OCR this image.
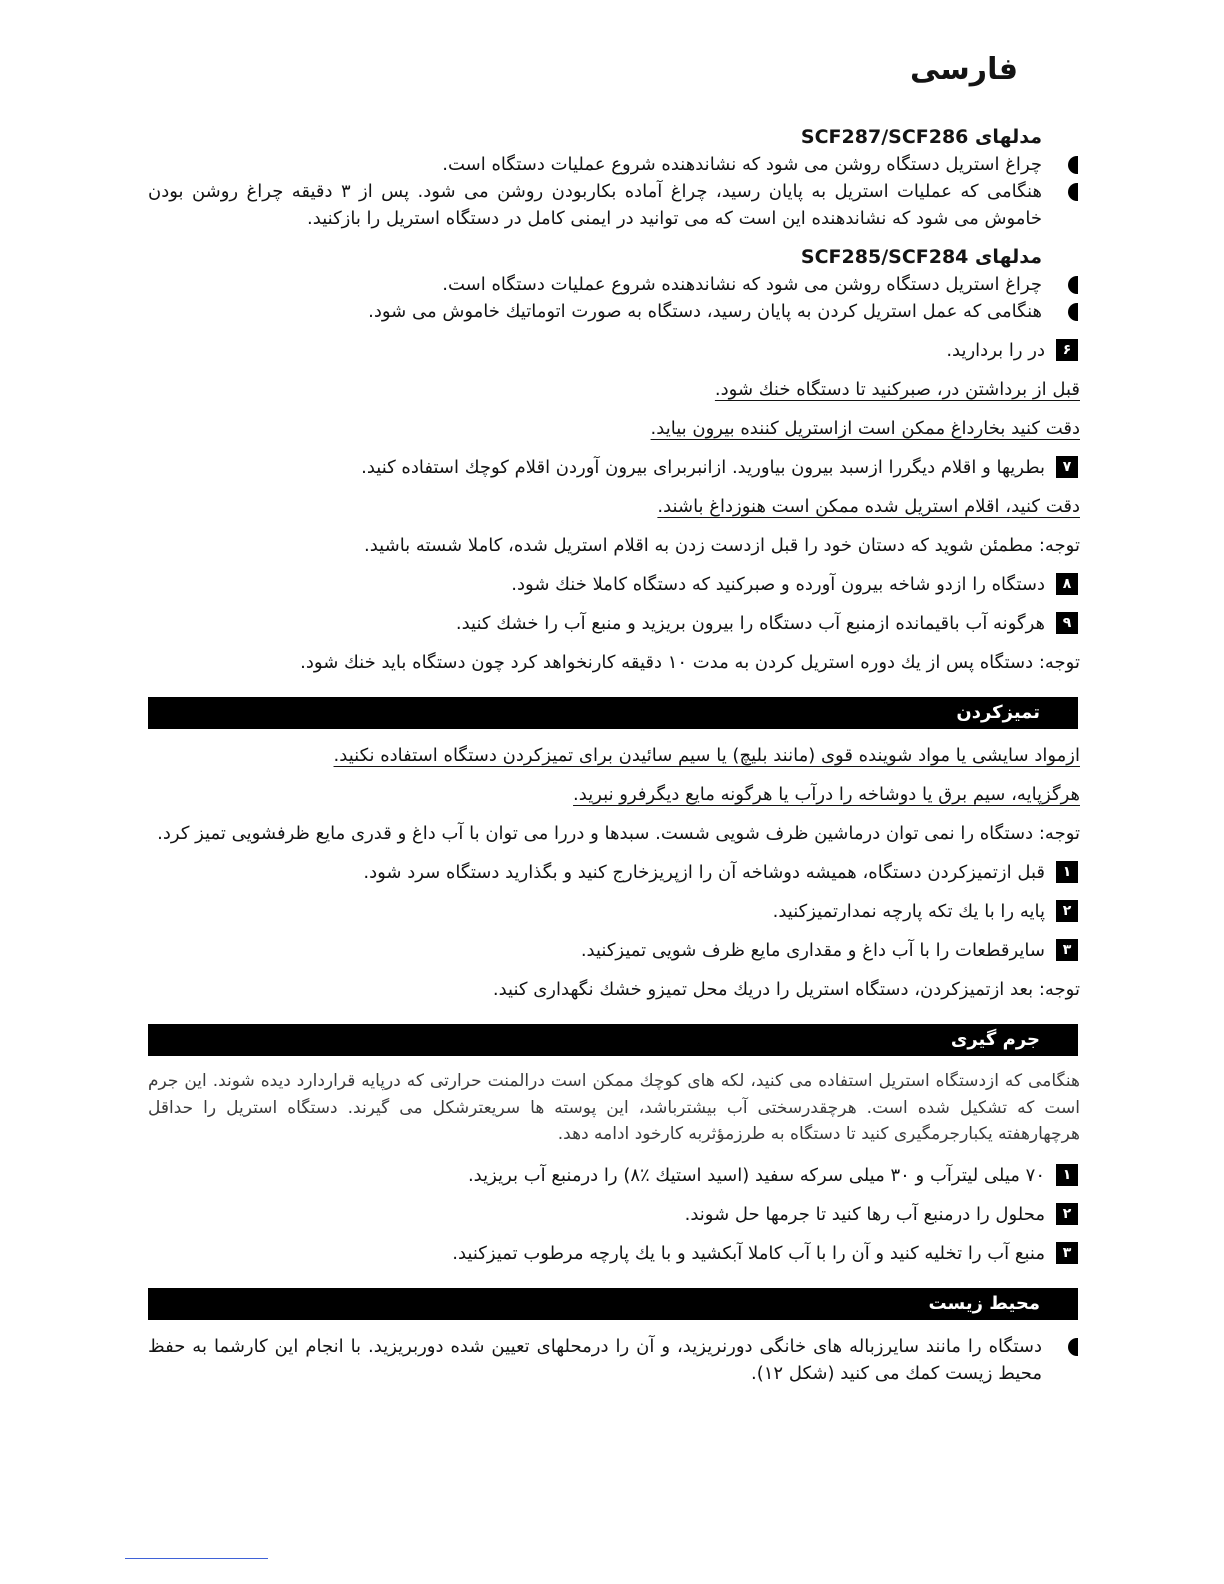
فارسی
مدلهای SCF287/SCF286
چراغ استریل دستگاه روشن می شود که نشاندهنده شروع عملیات دستگاه است.
هنگامی که عملیات استریل به پایان رسید، چراغ آماده بکاربودن روشن می شود. پس از ۳ دقیقه چراغ روشن بودن خاموش می شود که نشاندهنده این است که می توانید در ایمنی کامل در دستگاه استریل را بازکنید.
مدلهای SCF285/SCF284
چراغ استریل دستگاه روشن می شود که نشاندهنده شروع عملیات دستگاه است.
هنگامی که عمل استریل کردن به پایان رسید، دستگاه به صورت اتوماتیك خاموش می شود.
۶
در را بردارید.
قبل از برداشتن در، صبرکنید تا دستگاه خنك شود.
دقت کنید بخارداغ ممکن است ازاستریل کننده بیرون بیاید.
۷
بطریها و اقلام دیگررا ازسبد بیرون بیاورید. ازانبربرای بیرون آوردن اقلام کوچك استفاده کنید.
دقت کنید، اقلام استریل شده ممکن است هنوزداغ باشند.
توجه: مطمئن شوید که دستان خود را قبل ازدست زدن به اقلام استریل شده، کاملا شسته باشید.
۸
دستگاه را ازدو شاخه بیرون آورده و صبرکنید که دستگاه کاملا خنك شود.
۹
هرگونه آب باقیمانده ازمنبع آب دستگاه را بیرون بریزید و منبع آب را خشك کنید.
توجه: دستگاه پس از یك دوره استریل کردن به مدت ۱۰ دقیقه کارنخواهد کرد چون دستگاه باید خنك شود.
تمیزکردن
ازمواد سایشی یا مواد شوینده قوی (مانند بلیچ) یا سیم سائیدن برای تمیزکردن دستگاه استفاده نکنید.
هرگزپایه، سیم برق یا دوشاخه را درآب یا هرگونه مایع دیگرفرو نبرید.
توجه: دستگاه را نمی توان درماشین ظرف شویی شست. سبدها و دررا می توان با آب داغ و قدری مایع ظرفشویی تمیز کرد.
۱
قبل ازتمیزکردن دستگاه، همیشه دوشاخه آن را ازپریزخارج کنید و بگذارید دستگاه سرد شود.
۲
پایه را با یك تکه پارچه نمدارتمیزکنید.
۳
سایرقطعات را با آب داغ و مقداری مایع ظرف شویی تمیزکنید.
توجه: بعد ازتمیزکردن، دستگاه استریل را دریك محل تمیزو خشك نگهداری کنید.
جرم گیری
هنگامی که ازدستگاه استریل استفاده می کنید، لکه های کوچك ممکن است درالمنت حرارتی که درپایه قراردارد دیده شوند. این جرم است که تشکیل شده است. هرچقدرسختی آب بیشترباشد، این پوسته ها سریعترشکل می گیرند. دستگاه استریل را حداقل هرچهارهفته یکبارجرمگیری کنید تا دستگاه به طرزمؤثربه کارخود ادامه دهد.
۱
۷۰ میلی لیترآب و ۳۰ میلی سرکه سفید (اسید استیك ٪۸) را درمنبع آب بریزید.
۲
محلول را درمنبع آب رها کنید تا جرمها حل شوند.
۳
منبع آب را تخلیه کنید و آن را با آب کاملا آبکشید و با یك پارچه مرطوب تمیزکنید.
محیط زیست
دستگاه را مانند سایرزباله های خانگی دورنریزید، و آن را درمحلهای تعیین شده دوربریزید. با انجام این کارشما به حفظ محیط زیست کمك می کنید (شکل ۱۲).
